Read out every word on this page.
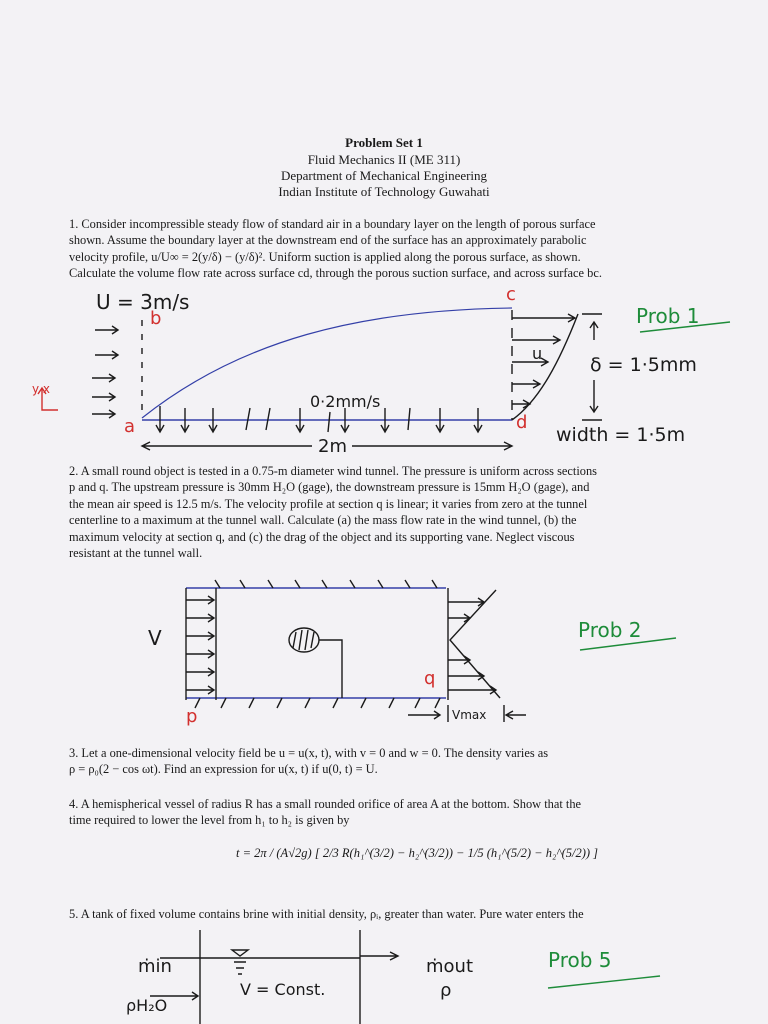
Problem Set 1
Fluid Mechanics II (ME 311)
Department of Mechanical Engineering
Indian Institute of Technology Guwahati
1. Consider incompressible steady flow of standard air in a boundary layer on the length of porous surface
shown. Assume the boundary layer at the downstream end of the surface has an approximately parabolic
velocity profile, u/U∞ = 2(y/δ) − (y/δ)². Uniform suction is applied along the porous surface, as shown.
Calculate the volume flow rate across surface cd, through the porous suction surface, and across surface bc.
2. A small round object is tested in a 0.75-m diameter wind tunnel. The pressure is uniform across sections
p and q. The upstream pressure is 30mm H₂O (gage), the downstream pressure is 15mm H₂O (gage), and
the mean air speed is 12.5 m/s. The velocity profile at section q is linear; it varies from zero at the tunnel
centerline to a maximum at the tunnel wall. Calculate (a) the mass flow rate in the wind tunnel, (b) the
maximum velocity at section q, and (c) the drag of the object and its supporting vane. Neglect viscous
resistant at the tunnel wall.
3. Let a one-dimensional velocity field be u = u(x, t), with v = 0 and w = 0. The density varies as
ρ = ρ₀(2 − cos ωt). Find an expression for u(x, t) if u(0, t) = U.
4. A hemispherical vessel of radius R has a small rounded orifice of area A at the bottom. Show that the
time required to lower the level from h₁ to h₂ is given by
t = 2π / (A√2g) [ 2/3 R(h₁^(3/2) − h₂^(3/2)) − 1/5 (h₁^(5/2) − h₂^(5/2)) ]
5. A tank of fixed volume contains brine with initial density, ρᵢ, greater than water. Pure water enters the
U = 3m/s
b
c
a	d
y x
0·2mm/s
2m
u
δ = 1·5mm
width = 1·5m
Prob 1
V
p
q
Vmax
Prob 2
ṁin
ρH₂O
V = Const.
ṁout
ρ
Prob 5
